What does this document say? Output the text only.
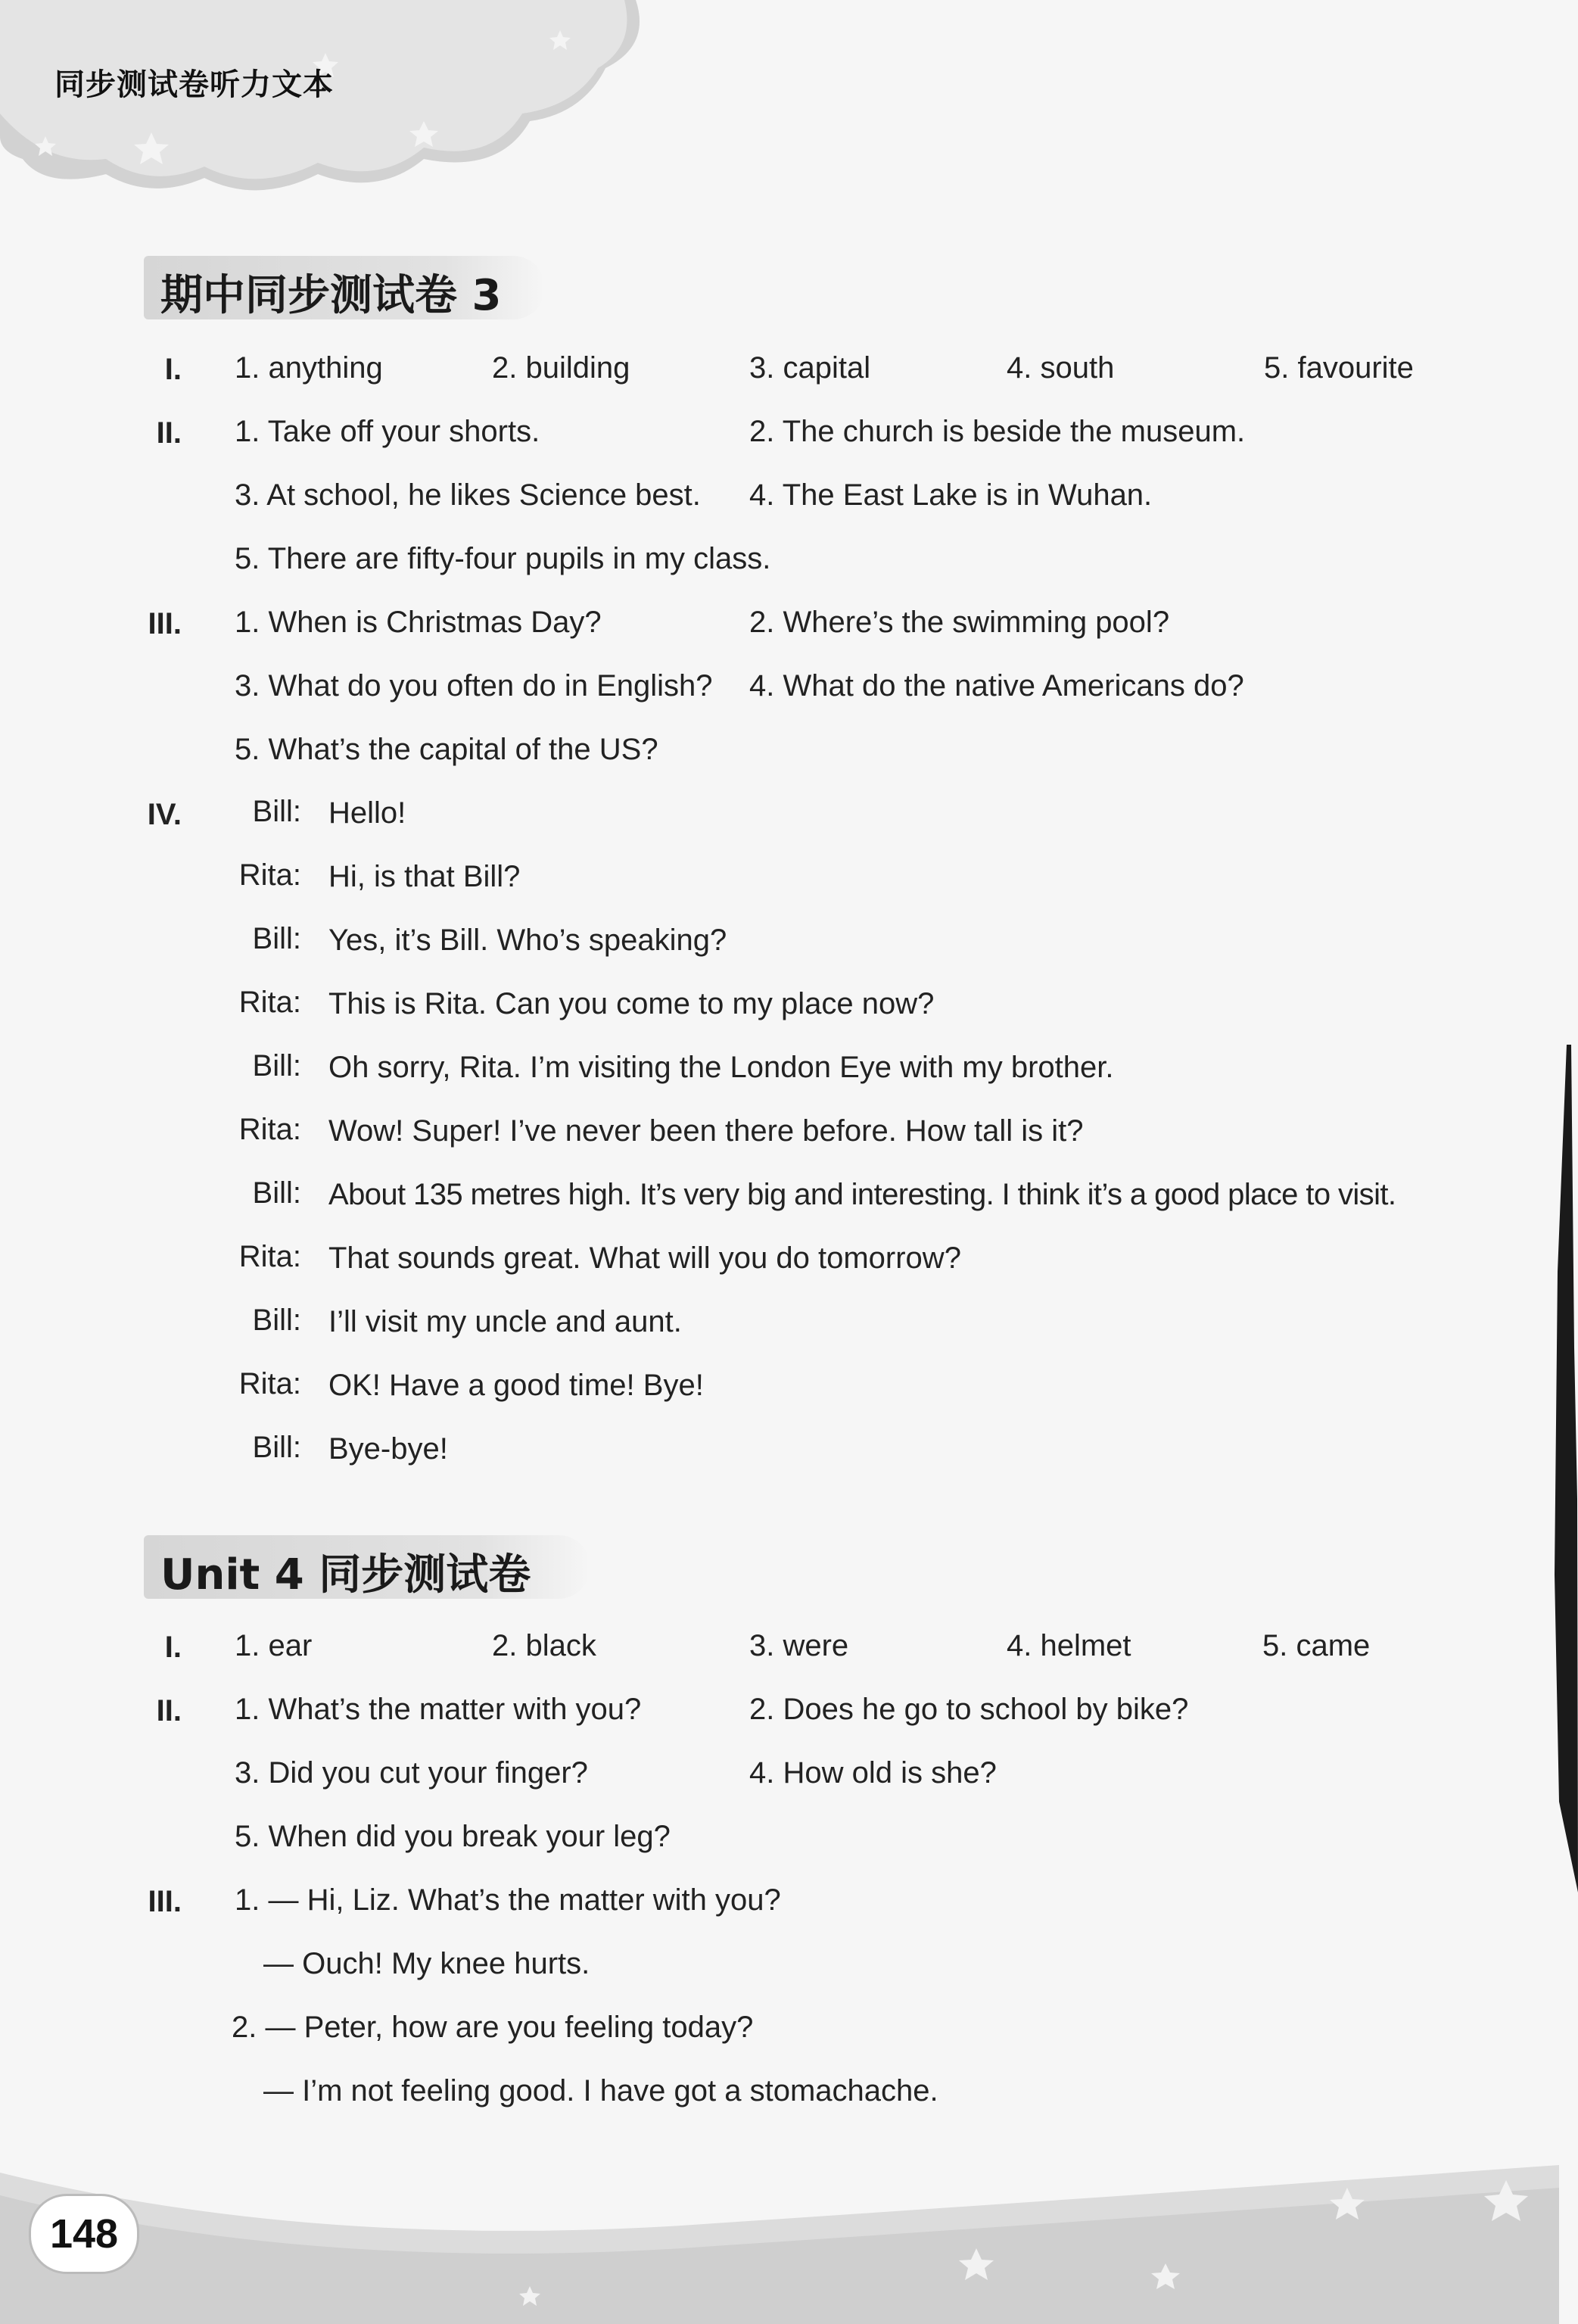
同步测试卷听力文本
期中同步测试卷 3
I. 1. anything	2. building	3. capital	4. south	5. favourite
II. 1. Take off your shorts.	2. The church is beside the museum.
3. At school, he likes Science best. 4. The East Lake is in Wuhan.
5. There are fifty-four pupils in my class.
III. 1. When is Christmas Day?	2. Where’s the swimming pool?
3. What do you often do in English? 4. What do the native Americans do?
5. What’s the capital of the US?
IV.	Bill: Hello!
Rita: Hi, is that Bill?
Bill: Yes, it’s Bill. Who’s speaking?
Rita: This is Rita. Can you come to my place now?
Bill: Oh sorry, Rita. I’m visiting the London Eye with my brother.
Rita: Wow! Super! I’ve never been there before. How tall is it?
Bill: About 135 metres high. It’s very big and interesting. I think it’s a good place to visit.
Rita: That sounds great. What will you do tomorrow?
Bill: I’ll visit my uncle and aunt.
Rita: OK! Have a good time! Bye!
Bill: Bye-bye!
Unit 4 同步测试卷
I. 1. ear	2. black	3. were	4. helmet	5. came
II. 1. What’s the matter with you?	2. Does he go to school by bike?
3. Did you cut your finger?	4. How old is she?
5. When did you break your leg?
III. 1. — Hi, Liz. What’s the matter with you?
— Ouch! My knee hurts.
2. — Peter, how are you feeling today?
— I’m not feeling good. I have got a stomachache.
148
